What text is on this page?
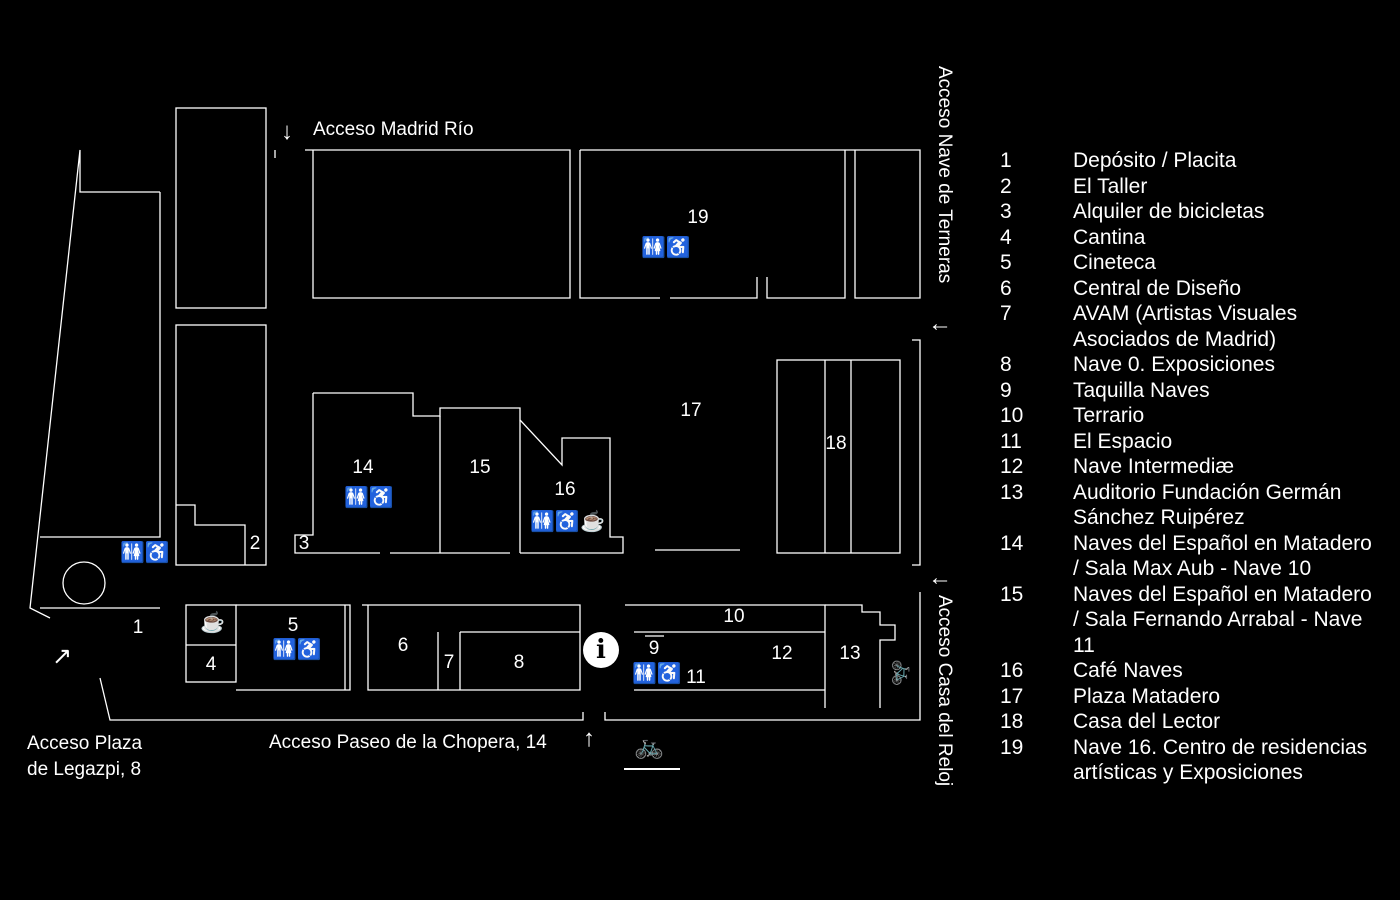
1
2	3
4
5
6
7	8
9
10
11
12	13
14	15
16
17
18
19
🚻♿
🚻♿
🚻♿
🚻♿
🚻♿
🚻♿
☕
☕
🚲
🚲
i
↓ Acceso Madrid Río	Acceso Nave de Terneras
←
←
Acceso Casa del Reloj
↗
Acceso Plaza
de Legazpi, 8
Acceso Paseo de la Chopera, 14 ↑
1	Depósito / Placita
2	El Taller
3	Alquiler de bicicletas
4	Cantina
5	Cineteca
6	Central de Diseño
7	AVAM (Artistas Visuales Asociados de Madrid)
8	Nave 0. Exposiciones
9	Taquilla Naves
10	Terrario
11	El Espacio
12	Nave Intermediæ
13	Auditorio Fundación Germán Sánchez Ruipérez
14	Naves del Español en Matadero / Sala Max Aub - Nave 10
15	Naves del Español en Matadero / Sala Fernando Arrabal - Nave 11
16	Café Naves
17	Plaza Matadero
18	Casa del Lector
19	Nave 16. Centro de residencias artísticas y Exposiciones
